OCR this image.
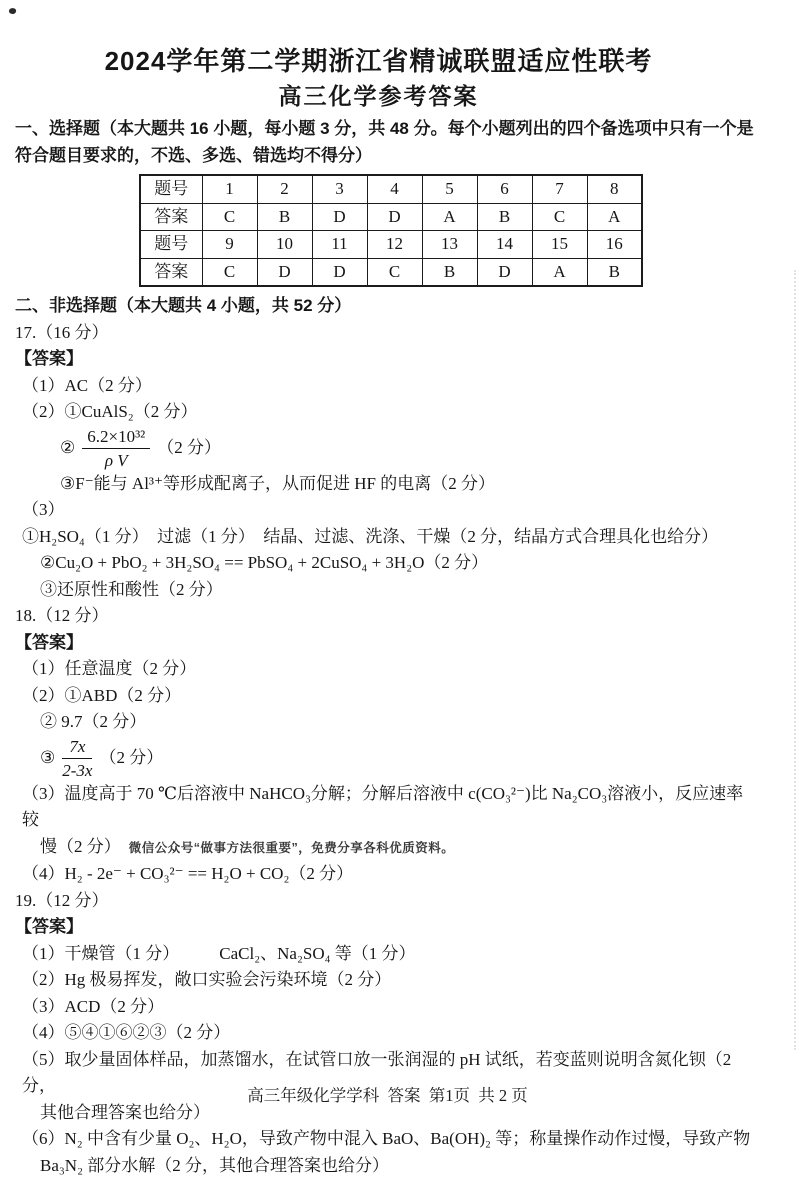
2024学年第二学期浙江省精诚联盟适应性联考
高三化学参考答案
一、选择题（本大题共 16 小题，每小题 3 分，共 48 分。每个小题列出的四个备选项中只有一个是
符合题目要求的，不选、多选、错选均不得分）
题号	1	2	3	4	5	6	7	8
答案	C	B	D	D	A	B	C	A
题号	9	10	11	12	13	14	15	16
答案	C	D	D	C	B	D	A	B
二、非选择题（本大题共 4 小题，共 52 分）
17.（16 分）
【答案】
（1）AC（2 分）
（2）①CuAlS₂（2 分）
② $\frac{\text{6.2×10³²}}{\text{ρ V}} (2$ 分）
③F⁻能与 Al³⁺等形成配离子，从而促进 HF 的电离（2 分）
（3）①H₂SO₄（1 分）　过滤（1 分）　结晶、过滤、洗涤、干燥（2 分，结晶方式合理具化也给分）
②Cu₂O + PbO₂ + 3H₂SO₄ == PbSO₄ + 2CuSO₄ + 3H₂O（2 分）
③还原性和酸性（2 分）
18.（12 分）
【答案】
（1）任意温度（2 分）
（2）①ABD（2 分）
② 9.7（2 分）
③ $\frac{7x}{2-3x} (2$ 分）
（3）温度高于 70 ℃后溶液中 NaHCO₃分解；分解后溶液中 c(CO₃²⁻)比 Na₂CO₃溶液小，反应速率较
慢（2 分） 微信公众号“做事方法很重要”，免费分享各科优质资料。
（4）H₂ - 2e⁻ + CO₃²⁻ == H₂O + CO₂（2 分）
19.（12 分）
【答案】
（1）干燥管（1 分） CaCl₂、Na₂SO₄ 等（1 分）
（2）Hg 极易挥发，敞口实验会污染环境（2 分）
（3）ACD（2 分）
（4）⑤④①⑥②③（2 分）
（5）取少量固体样品，加蒸馏水，在试管口放一张润湿的 pH 试纸，若变蓝则说明含氮化钡（2 分，
其他合理答案也给分）
（6）N₂ 中含有少量 O₂、H₂O，导致产物中混入 BaO、Ba(OH)₂ 等；称量操作动作过慢，导致产物
Ba₃N₂ 部分水解（2 分，其他合理答案也给分）
高三年级化学学科 答案 第1页 共 2 页
